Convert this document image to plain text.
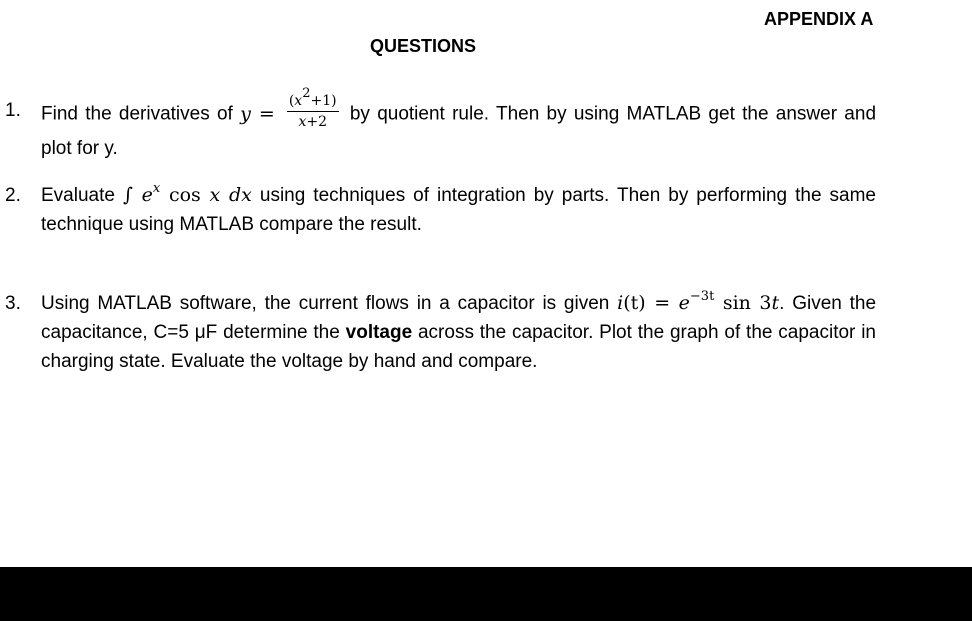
APPENDIX A
QUESTIONS
1. Find the derivatives of $y = \frac{(x^2+1)}{x+2}$ by quotient rule. Then by using MATLAB get the answer and plot for y.
2. Evaluate ∫ $e^x$ cos x dx using techniques of integration by parts. Then by performing the same technique using MATLAB compare the result.
3. Using MATLAB software, the current flows in a capacitor is given $i(t) = e^{-3t}$ sin 3t. Given the capacitance, C=5 μF determine the voltage across the capacitor. Plot the graph of the capacitor in charging state. Evaluate the voltage by hand and compare.
